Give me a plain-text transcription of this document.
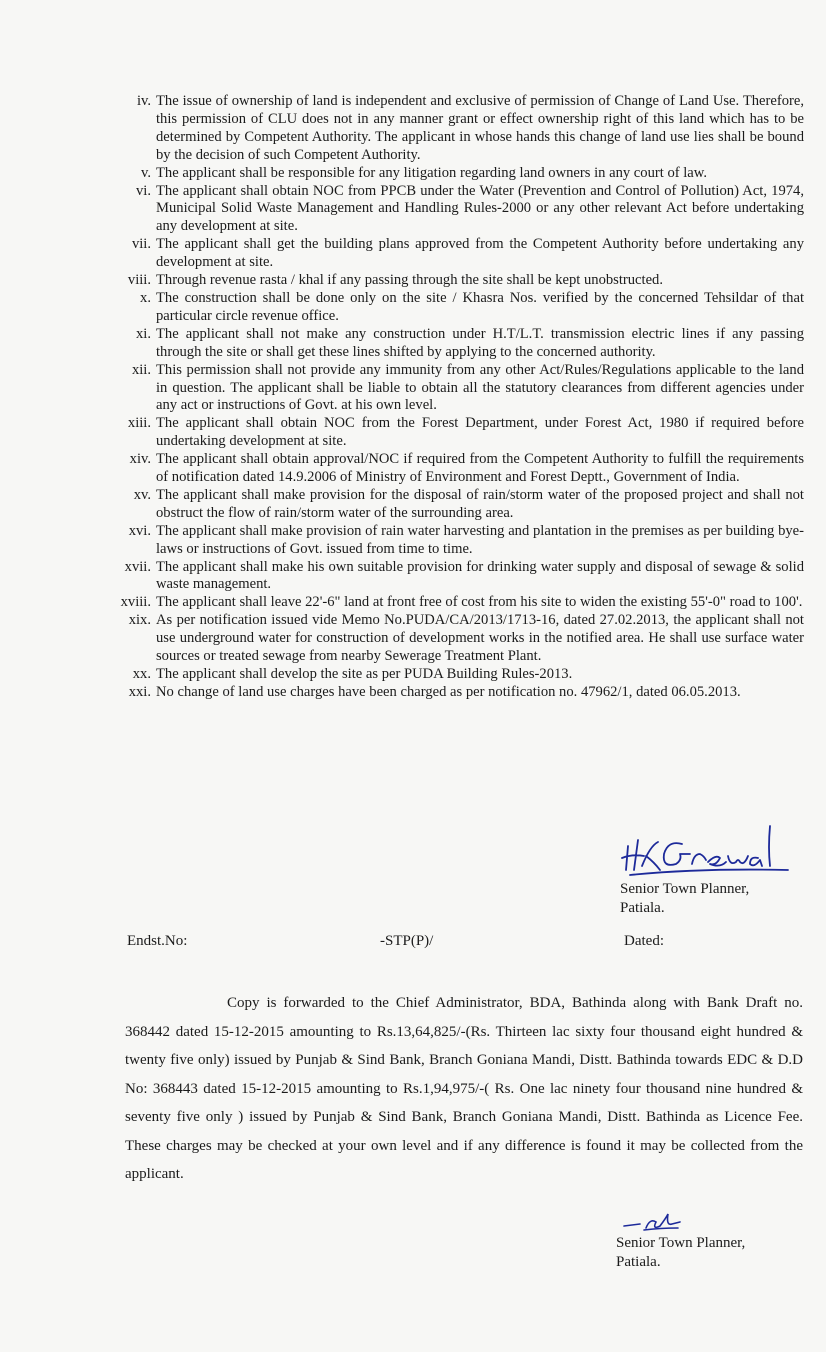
iv. The issue of ownership of land is independent and exclusive of permission of Change of Land Use. Therefore, this permission of CLU does not in any manner grant or effect ownership right of this land which has to be determined by Competent Authority. The applicant in whose hands this change of land use lies shall be bound by the decision of such Competent Authority.
v. The applicant shall be responsible for any litigation regarding land owners in any court of law.
vi. The applicant shall obtain NOC from PPCB under the Water (Prevention and Control of Pollution) Act, 1974, Municipal Solid Waste Management and Handling Rules-2000 or any other relevant Act before undertaking any development at site.
vii. The applicant shall get the building plans approved from the Competent Authority before undertaking any development at site.
viii. Through revenue rasta / khal if any passing through the site shall be kept unobstructed.
x. The construction shall be done only on the site / Khasra Nos. verified by the concerned Tehsildar of that particular circle revenue office.
xi. The applicant shall not make any construction under H.T/L.T. transmission electric lines if any passing through the site or shall get these lines shifted by applying to the concerned authority.
xii. This permission shall not provide any immunity from any other Act/Rules/Regulations applicable to the land in question. The applicant shall be liable to obtain all the statutory clearances from different agencies under any act or instructions of Govt. at his own level.
xiii. The applicant shall obtain NOC from the Forest Department, under Forest Act, 1980 if required before undertaking development at site.
xiv. The applicant shall obtain approval/NOC if required from the Competent Authority to fulfill the requirements of notification dated 14.9.2006 of Ministry of Environment and Forest Deptt., Government of India.
xv. The applicant shall make provision for the disposal of rain/storm water of the proposed project and shall not obstruct the flow of rain/storm water of the surrounding area.
xvi. The applicant shall make provision of rain water harvesting and plantation in the premises as per building bye-laws or instructions of Govt. issued from time to time.
xvii. The applicant shall make his own suitable provision for drinking water supply and disposal of sewage & solid waste management.
xviii. The applicant shall leave 22'-6" land at front free of cost from his site to widen the existing 55'-0" road to 100'.
xix. As per notification issued vide Memo No.PUDA/CA/2013/1713-16, dated 27.02.2013, the applicant shall not use underground water for construction of development works in the notified area. He shall use surface water sources or treated sewage from nearby Sewerage Treatment Plant.
xx. The applicant shall develop the site as per PUDA Building Rules-2013.
xxi. No change of land use charges have been charged as per notification no. 47962/1, dated 06.05.2013.
Senior Town Planner,
Patiala.
Endst.No:	-STP(P)/	Dated:
Copy is forwarded to the Chief Administrator, BDA, Bathinda along with Bank Draft no. 368442 dated 15-12-2015 amounting to Rs.13,64,825/-(Rs. Thirteen lac sixty four thousand eight hundred & twenty five only) issued by Punjab & Sind Bank, Branch Goniana Mandi, Distt. Bathinda towards EDC & D.D No: 368443 dated 15-12-2015 amounting to Rs.1,94,975/-( Rs. One lac ninety four thousand nine hundred & seventy five only ) issued by Punjab & Sind Bank, Branch Goniana Mandi, Distt. Bathinda as Licence Fee. These charges may be checked at your own level and if any difference is found it may be collected from the applicant.
Senior Town Planner,
Patiala.
